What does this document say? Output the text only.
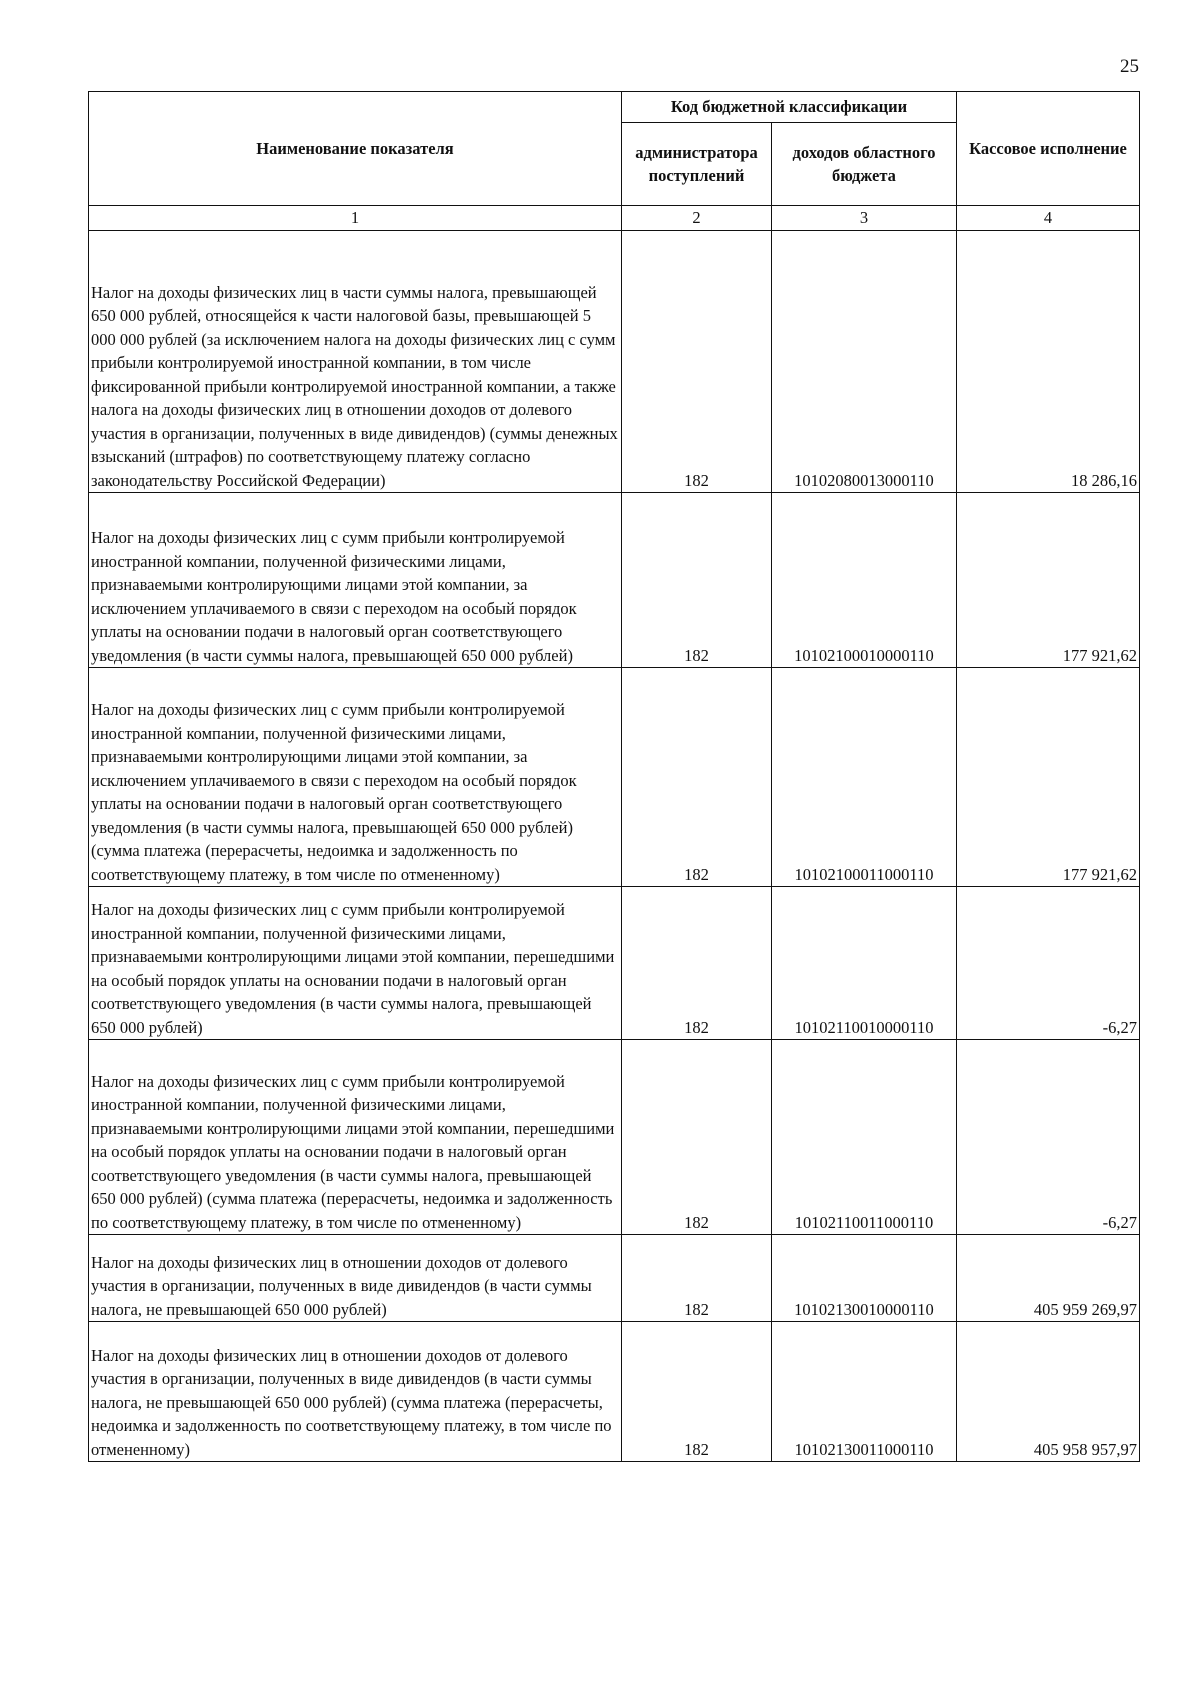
25
Наименование показателя	Код бюджетной классификации		Кассовое исполнение
	администратора поступлений	доходов областного бюджета	
1	2	3	4
Налог на доходы физических лиц в части суммы налога, превышающей 650 000 рублей, относящейся к части налоговой базы, превышающей 5 000 000 рублей (за исключением налога на доходы физических лиц с сумм прибыли контролируемой иностранной компании, в том числе фиксированной прибыли контролируемой иностранной компании, а также налога на доходы физических лиц в отношении доходов от долевого участия в организации, полученных в виде дивидендов) (суммы денежных взысканий (штрафов) по соответствующему платежу согласно законодательству Российской Федерации)	182	10102080013000110	18 286,16
Налог на доходы физических лиц с сумм прибыли контролируемой иностранной компании, полученной физическими лицами, признаваемыми контролирующими лицами этой компании, за исключением уплачиваемого в связи с переходом на особый порядок уплаты на основании подачи в налоговый орган соответствующего уведомления (в части суммы налога, превышающей 650 000 рублей)	182	10102100010000110	177 921,62
Налог на доходы физических лиц с сумм прибыли контролируемой иностранной компании, полученной физическими лицами, признаваемыми контролирующими лицами этой компании, за исключением уплачиваемого в связи с переходом на особый порядок уплаты на основании подачи в налоговый орган соответствующего уведомления (в части суммы налога, превышающей 650 000 рублей) (сумма платежа (перерасчеты, недоимка и задолженность по соответствующему платежу, в том числе по отмененному)	182	10102100011000110	177 921,62
Налог на доходы физических лиц с сумм прибыли контролируемой иностранной компании, полученной физическими лицами, признаваемыми контролирующими лицами этой компании, перешедшими на особый порядок уплаты на основании подачи в налоговый орган соответствующего уведомления (в части суммы налога, превышающей 650 000 рублей)	182	10102110010000110	-6,27
Налог на доходы физических лиц с сумм прибыли контролируемой иностранной компании, полученной физическими лицами, признаваемыми контролирующими лицами этой компании, перешедшими на особый порядок уплаты на основании подачи в налоговый орган соответствующего уведомления (в части суммы налога, превышающей 650 000 рублей) (сумма платежа (перерасчеты, недоимка и задолженность по соответствующему платежу, в том числе по отмененному)	182	10102110011000110	-6,27
Налог на доходы физических лиц в отношении доходов от долевого участия в организации, полученных в виде дивидендов (в части суммы налога, не превышающей 650 000 рублей)	182	10102130010000110	405 959 269,97
Налог на доходы физических лиц в отношении доходов от долевого участия в организации, полученных в виде дивидендов (в части суммы налога, не превышающей 650 000 рублей) (сумма платежа (перерасчеты, недоимка и задолженность по соответствующему платежу, в том числе по отмененному)	182	10102130011000110	405 958 957,97
